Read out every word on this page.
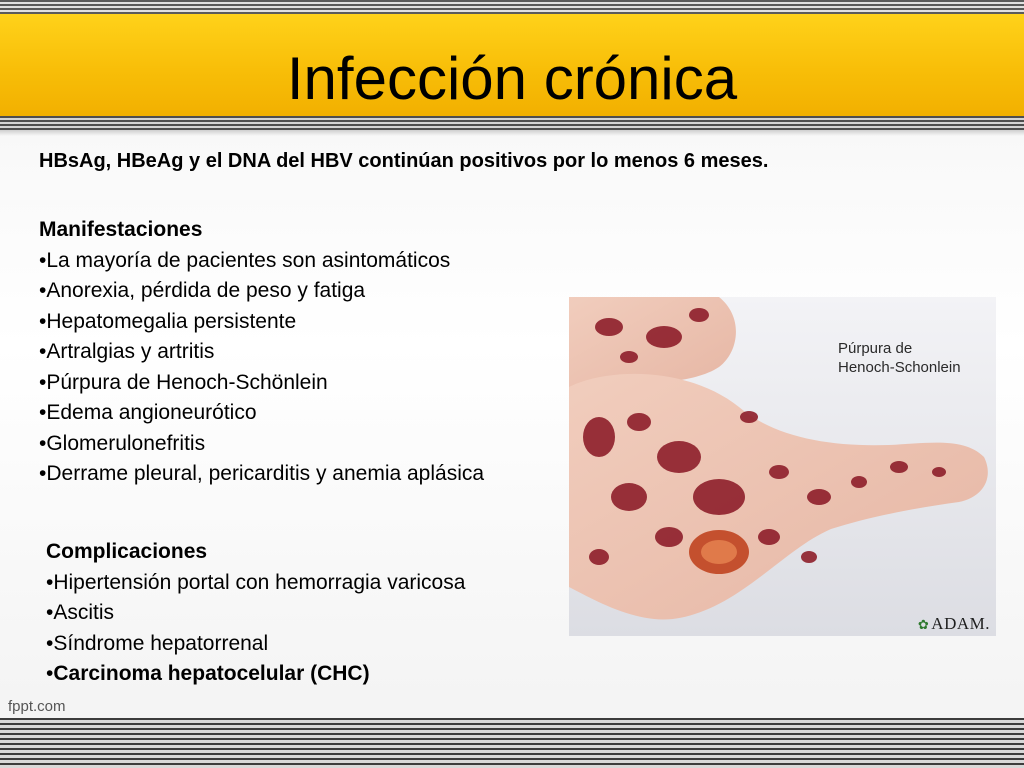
Infección crónica

HBsAg, HBeAg y el DNA del HBV continúan positivos por lo menos 6 meses.

Manifestaciones
•La mayoría de pacientes son asintomáticos
•Anorexia, pérdida de peso y fatiga
•Hepatomegalia persistente
•Artralgias y artritis
•Púrpura de Henoch-Schӧnlein
•Edema angioneurótico
•Glomerulonefritis
•Derrame pleural, pericarditis y anemia aplásica
Complicaciones
•Hipertensión portal con hemorragia varicosa
•Ascitis
•Síndrome hepatorrenal
•Carcinoma hepatocelular (CHC)
Púrpura de
Henoch-Schonlein
✿ ADAM.
fppt.com
